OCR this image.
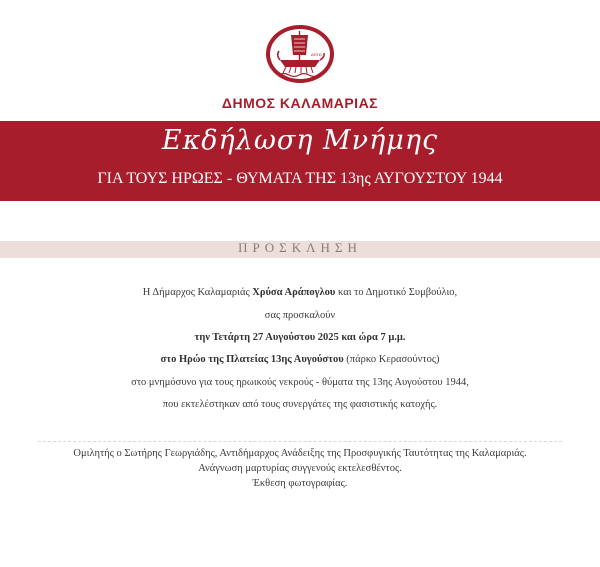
ΔΗΤΩ
ΔΗΜΟΣ ΚΑΛΑΜΑΡΙΑΣ
Εκδήλωση Μνήμης
ΓΙΑ ΤΟΥΣ ΗΡΩΕΣ - ΘΥΜΑΤΑ ΤΗΣ 13ης ΑΥΓΟΥΣΤΟΥ 1944
ΠΡΟΣΚΛΗΣΗ
Η Δήμαρχος Καλαμαριάς Χρύσα Αράπογλου και το Δημοτικό Συμβούλιο,
σας προσκαλούν
την Τετάρτη 27 Αυγούστου 2025 και ώρα 7 μ.μ.
στο Ηρώο της Πλατείας 13ης Αυγούστου (πάρκο Κερασούντος)
στο μνημόσυνο για τους ηρωικούς νεκρούς - θύματα της 13ης Αυγούστου 1944,
που εκτελέστηκαν από τους συνεργάτες της φασιστικής κατοχής.
Ομιλητής ο Σωτήρης Γεωργιάδης, Αντιδήμαρχος Ανάδειξης της Προσφυγικής Ταυτότητας της Καλαμαριάς.
Ανάγνωση μαρτυρίας συγγενούς εκτελεσθέντος.
Έκθεση φωτογραφίας.
